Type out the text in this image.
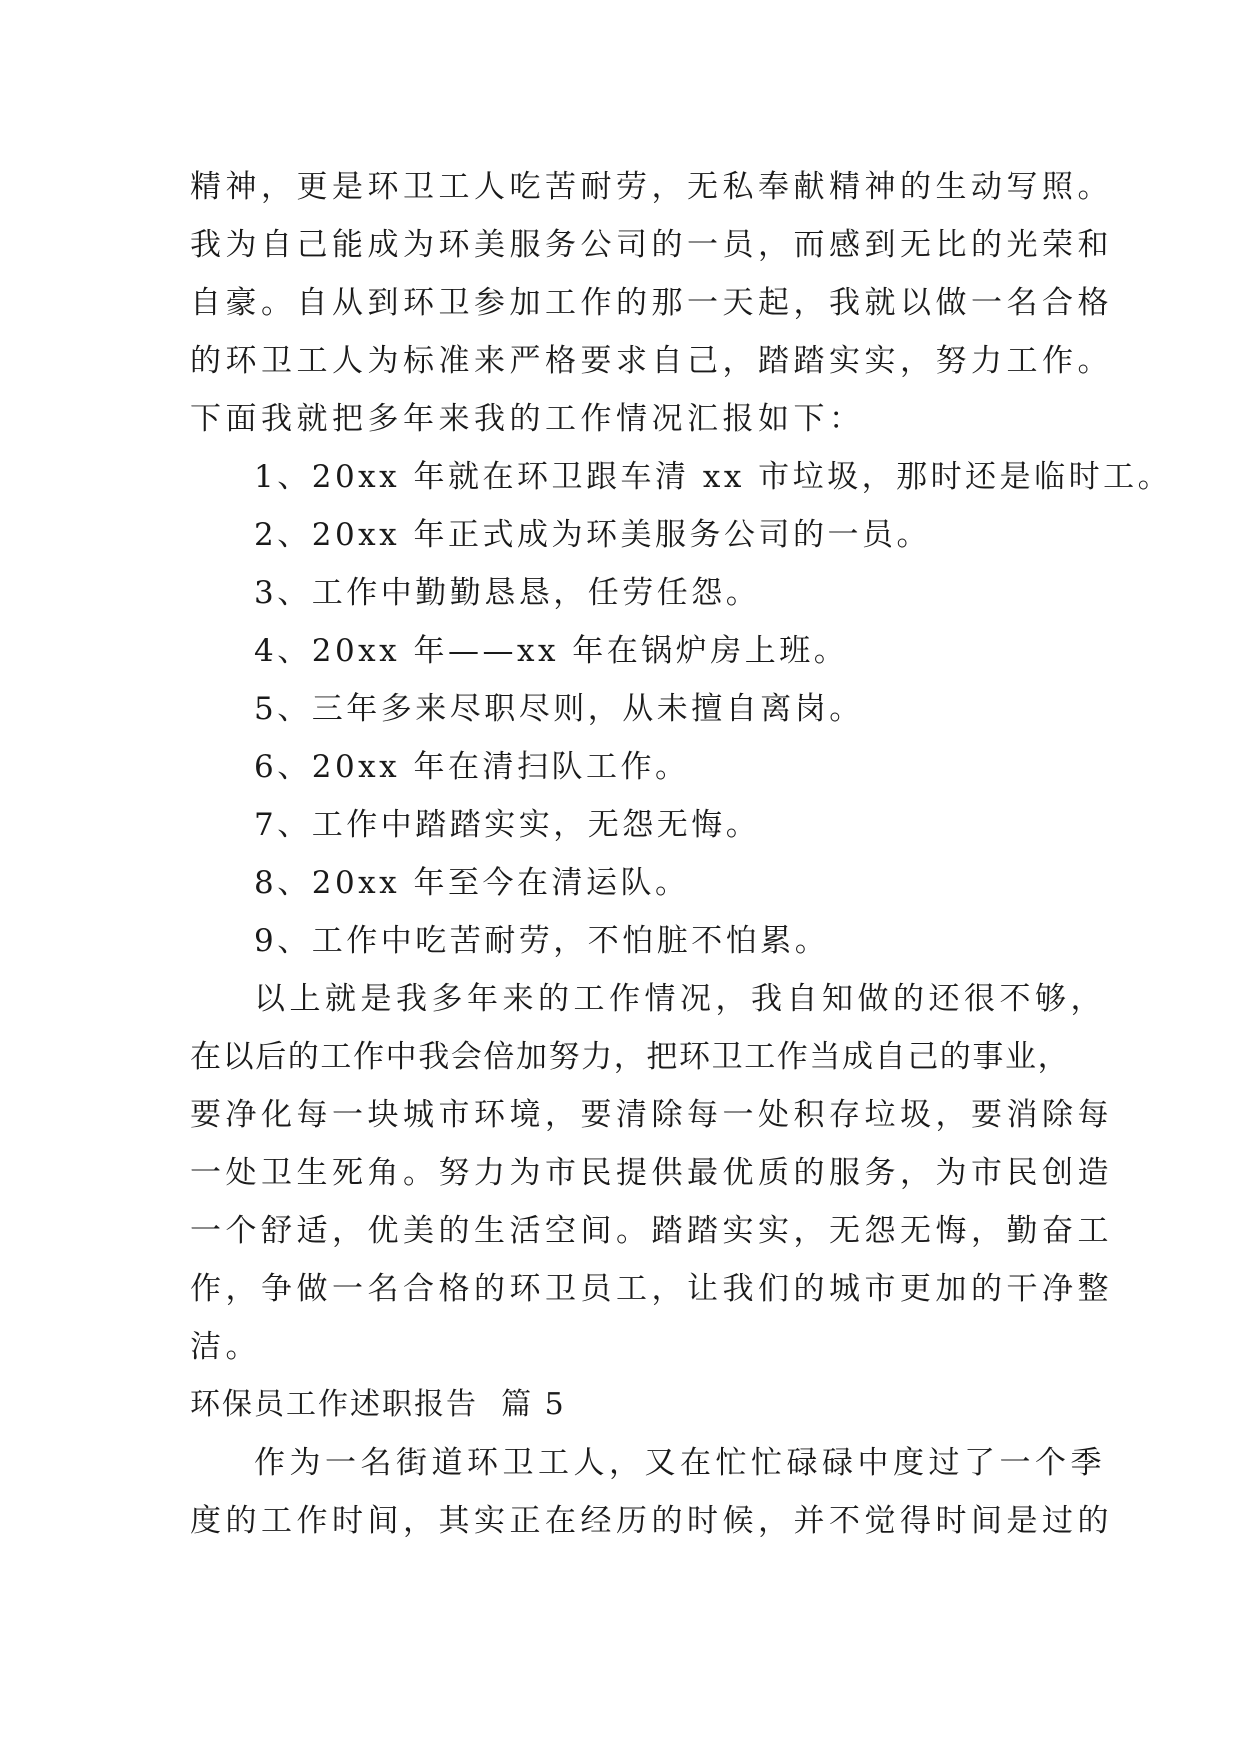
精神，更是环卫工人吃苦耐劳，无私奉献精神的生动写照。
我为自己能成为环美服务公司的一员，而感到无比的光荣和
自豪。自从到环卫参加工作的那一天起，我就以做一名合格
的环卫工人为标准来严格要求自己，踏踏实实，努力工作。
下面我就把多年来我的工作情况汇报如下：
1、20xx 年就在环卫跟车清 xx 市垃圾，那时还是临时工。
2、20xx 年正式成为环美服务公司的一员。
3、工作中勤勤恳恳，任劳任怨。
4、20xx 年——xx 年在锅炉房上班。
5、三年多来尽职尽则，从未擅自离岗。
6、20xx 年在清扫队工作。
7、工作中踏踏实实，无怨无悔。
8、20xx 年至今在清运队。
9、工作中吃苦耐劳，不怕脏不怕累。
以上就是我多年来的工作情况，我自知做的还很不够，
在以后的工作中我会倍加努力，把环卫工作当成自己的事业，
要净化每一块城市环境，要清除每一处积存垃圾，要消除每
一处卫生死角。努力为市民提供最优质的服务，为市民创造
一个舒适，优美的生活空间。踏踏实实，无怨无悔，勤奋工
作，争做一名合格的环卫员工，让我们的城市更加的干净整
洁。
环保员工作述职报告  篇 5
作为一名街道环卫工人，又在忙忙碌碌中度过了一个季
度的工作时间，其实正在经历的时候，并不觉得时间是过的
